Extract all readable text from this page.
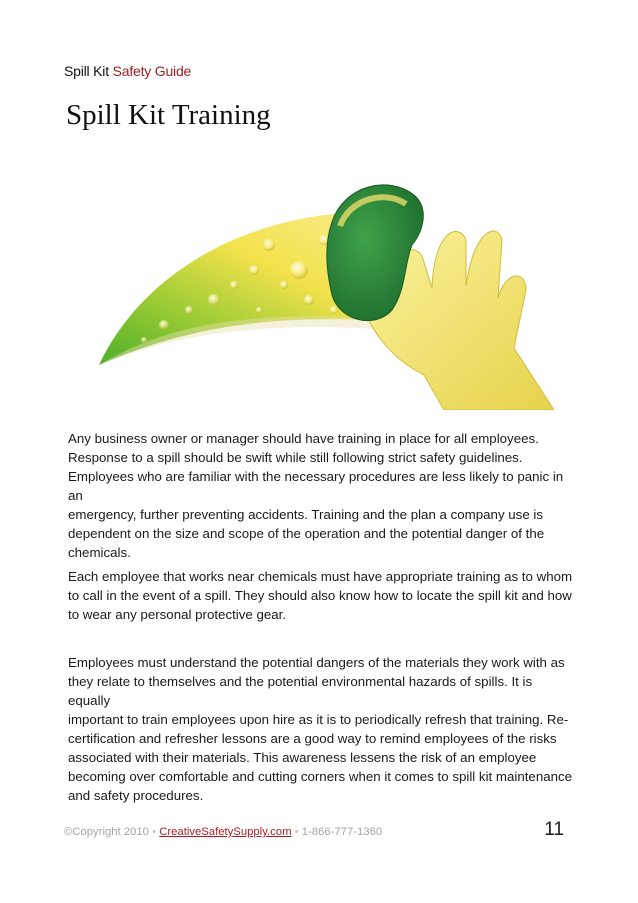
Spill Kit Safety Guide
Spill Kit Training

Any business owner or manager should have training in place for all employees.
Response to a spill should be swift while still following strict safety guidelines.
Employees who are familiar with the necessary procedures are less likely to panic in an
emergency, further preventing accidents. Training and the plan a company use is
dependent on the size and scope of the operation and the potential danger of the
chemicals.

Each employee that works near chemicals must have appropriate training as to whom
to call in the event of a spill. They should also know how to locate the spill kit and how
to wear any personal protective gear.

Employees must understand the potential dangers of the materials they work with as
they relate to themselves and the potential environmental hazards of spills. It is equally
important to train employees upon hire as it is to periodically refresh that training. Re-
certification and refresher lessons are a good way to remind employees of the risks
associated with their materials. This awareness lessens the risk of an employee
becoming over comfortable and cutting corners when it comes to spill kit maintenance
and safety procedures.

©Copyright 2010 • CreativeSafetySupply.com • 1-866-777-1360	11
